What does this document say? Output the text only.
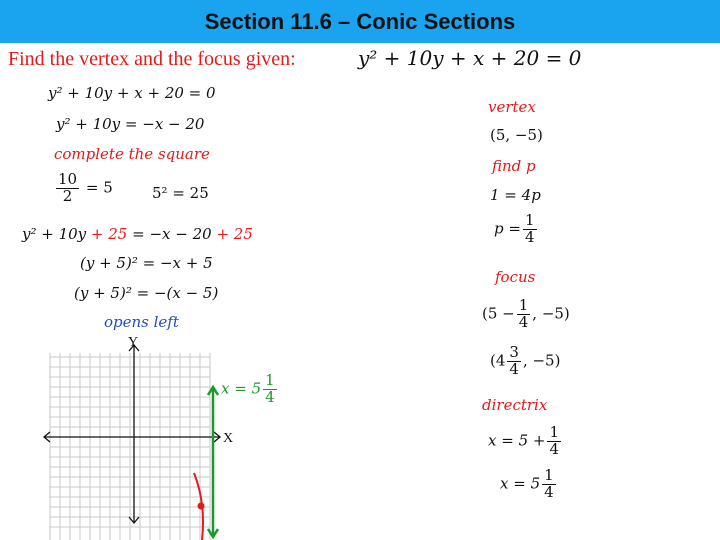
Section 11.6 – Conic Sections
Find the vertex and the focus given:	y² + 10y + x + 20 = 0
y² + 10y + x + 20 = 0
y² + 10y = −x − 20
complete the square
$\frac{10}{2} = 5$	5² = 25
y² + 10y + 25 = −x − 20 + 25
(y + 5)² = −x + 5
(y + 5)² = −(x − 5)
opens left
Y
X
$x = 5 \frac{1}{4}$
vertex
(5, −5)
find p
1 = 4p
$p = \frac{1}{4}$
focus
($5 - \frac{1}{4}$ , −5)
($4 \frac{3}{4}$ , −5)
directrix
$x = 5 + \frac{1}{4}$
$x = 5 \frac{1}{4}$
